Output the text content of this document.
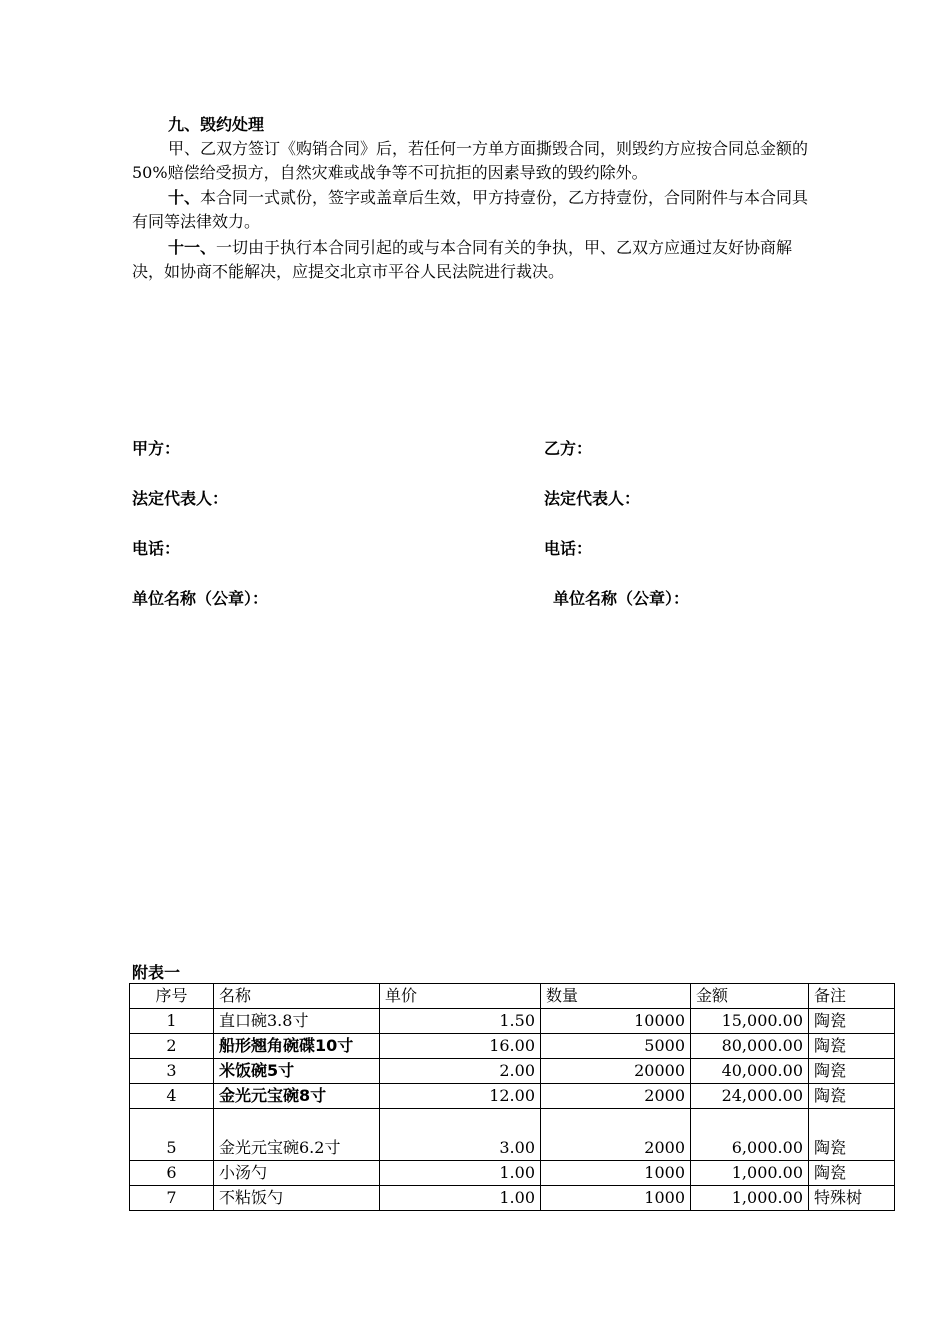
九、毁约处理

甲、乙双方签订《购销合同》后，若任何一方单方面撕毁合同，则毁约方应按合同总金额的50%赔偿给受损方，自然灾难或战争等不可抗拒的因素导致的毁约除外。

十、本合同一式贰份，签字或盖章后生效，甲方持壹份，乙方持壹份，合同附件与本合同具有同等法律效力。

十一、一切由于执行本合同引起的或与本合同有关的争执，甲、乙双方应通过友好协商解决，如协商不能解决，应提交北京市平谷人民法院进行裁决。

甲方：	乙方：
法定代表人：	法定代表人：
电话：	电话：
单位名称（公章）：	单位名称（公章）：
附表一
序号	名称	单价	数量	金额	备注
1	直口碗3.8寸	1.50	10000	15,000.00	陶瓷
2	船形翘角碗碟10寸	16.00	5000	80,000.00	陶瓷
3	米饭碗5寸	2.00	20000	40,000.00	陶瓷
4	金光元宝碗8寸	12.00	2000	24,000.00	陶瓷
5	金光元宝碗6.2寸	3.00	2000	6,000.00	陶瓷
6	小汤勺	1.00	1000	1,000.00	陶瓷
7	不粘饭勺	1.00	1000	1,000.00	特殊树
